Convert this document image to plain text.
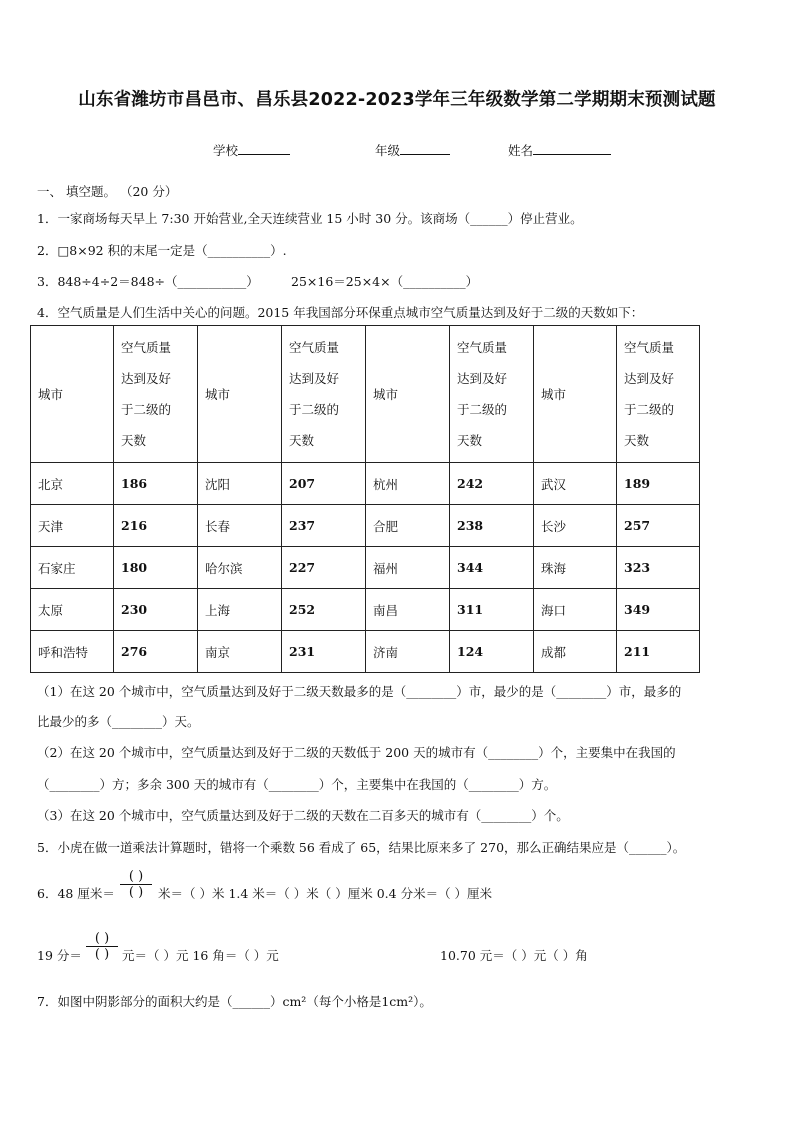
山东省潍坊市昌邑市、昌乐县2022-2023学年三年级数学第二学期期末预测试题
学校	年级	姓名
一、 填空题。 （20 分）
1．一家商场每天早上 7:30 开始营业,全天连续营业 15 小时 30 分。该商场（______）停止营业。
2．□8×92 积的末尾一定是（__________）.
3．848÷4÷2＝848÷（___________）	25×16＝25×4×（__________）
4．空气质量是人们生活中关心的问题。2015 年我国部分环保重点城市空气质量达到及好于二级的天数如下：
城市	空气质量
达到及好
于二级的
天数	城市	空气质量
达到及好
于二级的
天数	城市	空气质量
达到及好
于二级的
天数	城市	空气质量
达到及好
于二级的
天数
北京	186	沈阳	207	杭州	242	武汉	189
天津	216	长春	237	合肥	238	长沙	257
石家庄	180	哈尔滨	227	福州	344	珠海	323
太原	230	上海	252	南昌	311	海口	349
呼和浩特	276	南京	231	济南	124	成都	211
（1）在这 20 个城市中，空气质量达到及好于二级天数最多的是（________）市，最少的是（________）市，最多的
比最少的多（________）天。
（2）在这 20 个城市中，空气质量达到及好于二级的天数低于 200 天的城市有（________）个，主要集中在我国的
（________）方；多余 300 天的城市有（________）个，主要集中在我国的（________）方。
（3）在这 20 个城市中，空气质量达到及好于二级的天数在二百多天的城市有（________）个。
5．小虎在做一道乘法计算题时，错将一个乘数 56 看成了 65，结果比原来多了 270，那么正确结果应是（______）。
6．48 厘米＝
( )
( )	米＝（ ）米 1.4 米＝（ ）米（ ）厘米 0.4 分米＝（ ）厘米
19 分＝
( )
( )	元＝（ ）元 16 角＝（ ）元	10.70 元＝（ ）元（ ）角
7．如图中阴影部分的面积大约是（______）cm²（每个小格是1cm²）。
